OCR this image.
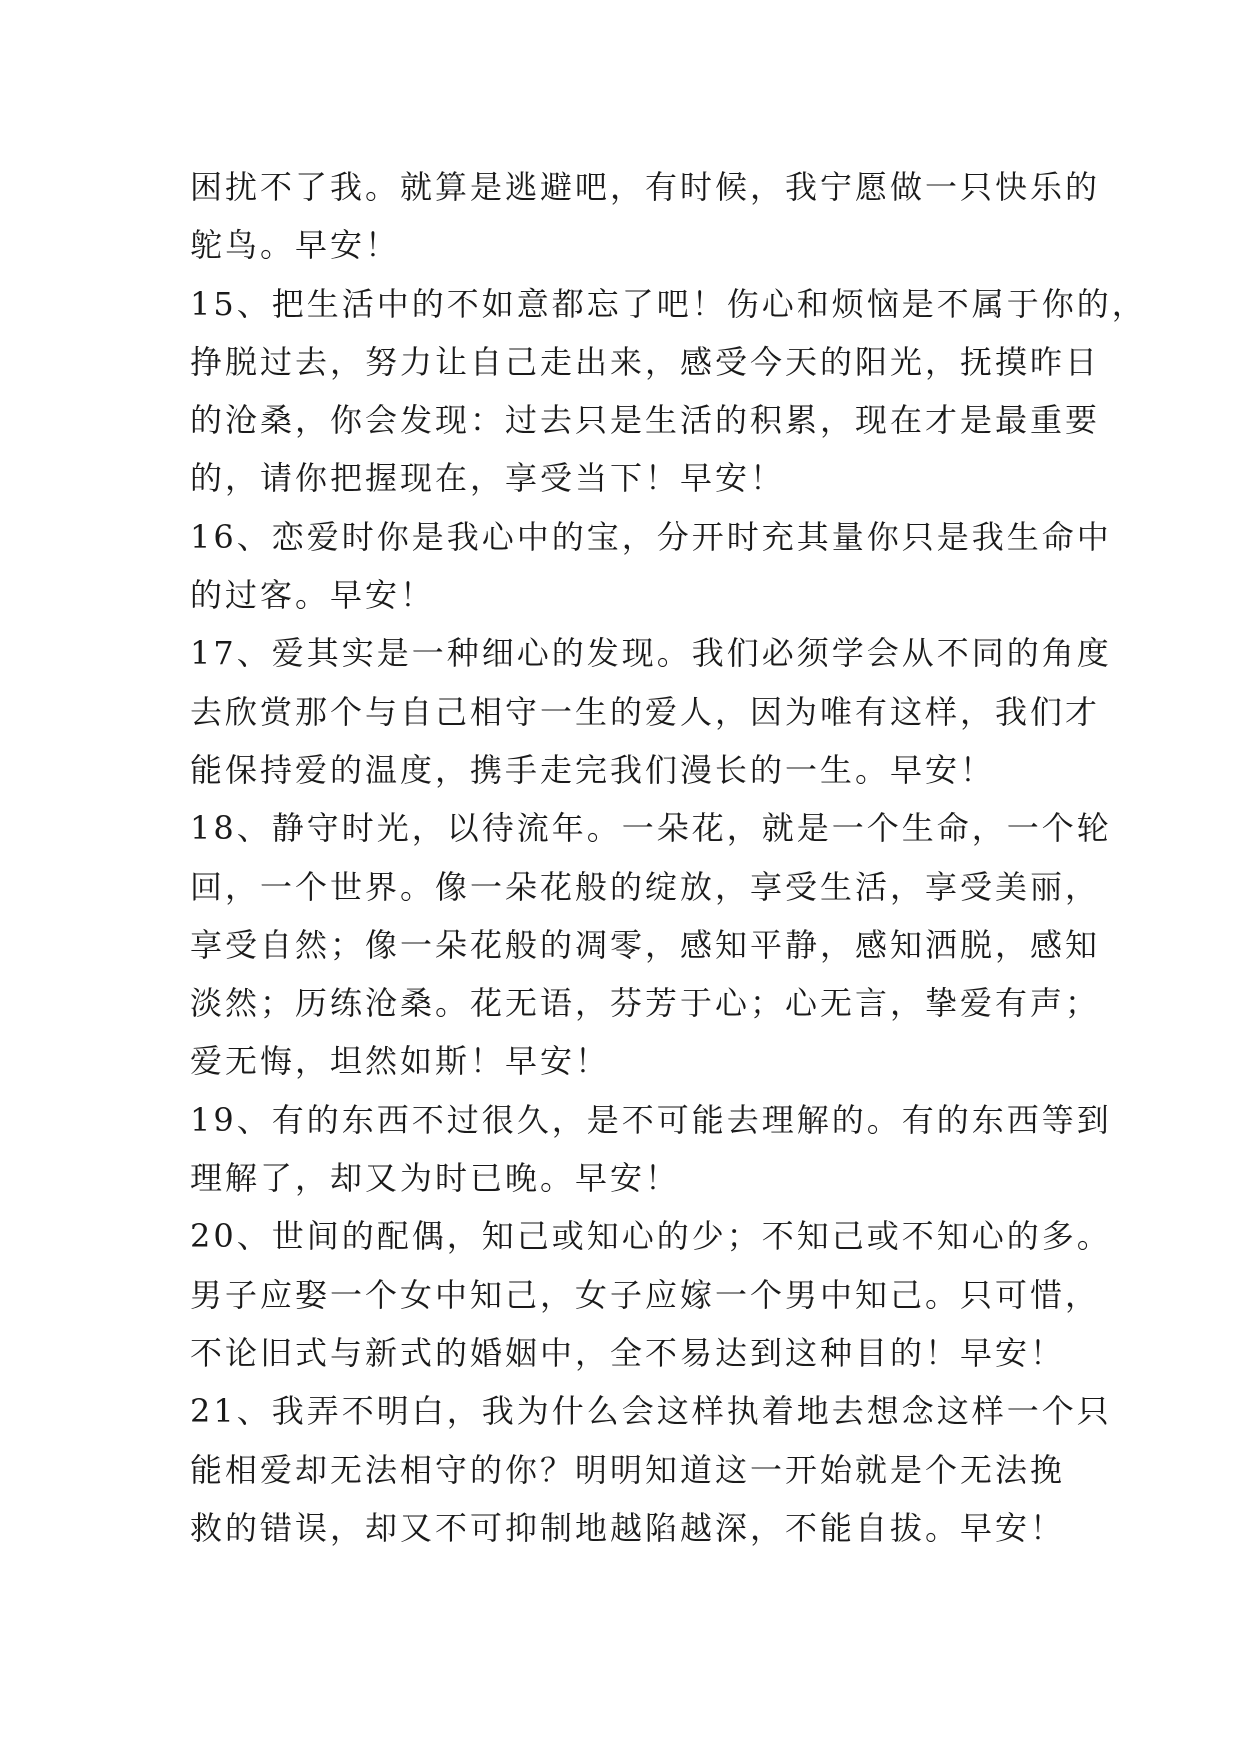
困扰不了我。就算是逃避吧，有时候，我宁愿做一只快乐的
鸵鸟。早安！
15、把生活中的不如意都忘了吧！伤心和烦恼是不属于你的，
挣脱过去，努力让自己走出来，感受今天的阳光，抚摸昨日
的沧桑，你会发现：过去只是生活的积累，现在才是最重要
的，请你把握现在，享受当下！早安！
16、恋爱时你是我心中的宝，分开时充其量你只是我生命中
的过客。早安！
17、爱其实是一种细心的发现。我们必须学会从不同的角度
去欣赏那个与自己相守一生的爱人，因为唯有这样，我们才
能保持爱的温度，携手走完我们漫长的一生。早安！
18、静守时光，以待流年。一朵花，就是一个生命，一个轮
回，一个世界。像一朵花般的绽放，享受生活，享受美丽，
享受自然；像一朵花般的凋零，感知平静，感知洒脱，感知
淡然；历练沧桑。花无语，芬芳于心；心无言，挚爱有声；
爱无悔，坦然如斯！早安！
19、有的东西不过很久，是不可能去理解的。有的东西等到
理解了，却又为时已晚。早安！
20、世间的配偶，知己或知心的少；不知己或不知心的多。
男子应娶一个女中知己，女子应嫁一个男中知己。只可惜，
不论旧式与新式的婚姻中，全不易达到这种目的！早安！
21、我弄不明白，我为什么会这样执着地去想念这样一个只
能相爱却无法相守的你？明明知道这一开始就是个无法挽
救的错误，却又不可抑制地越陷越深，不能自拔。早安！
